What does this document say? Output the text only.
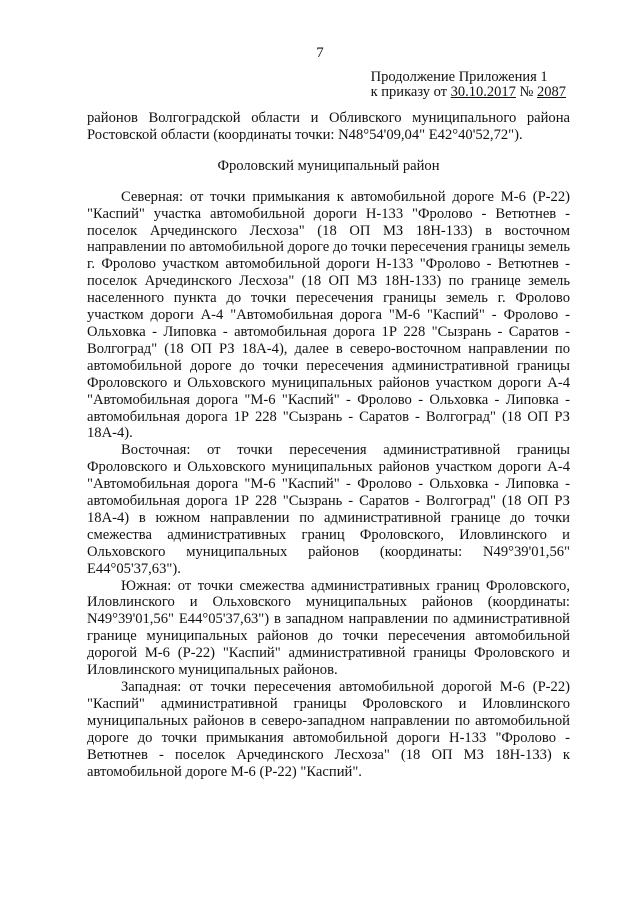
7
Продолжение Приложения 1
к приказу от 30.10.2017 № 2087

районов Волгоградской области и Обливского муниципального района Ростовской области (координаты точки: N48°54'09,04" E42°40'52,72").

Фроловский муниципальный район

Северная: от точки примыкания к автомобильной дороге М-6 (Р-22) "Каспий" участка автомобильной дороги Н-133 "Фролово - Ветютнев - поселок Арчединского Лесхоза" (18 ОП МЗ 18Н-133) в восточном направлении по автомобильной дороге до точки пересечения границы земель г. Фролово участком автомобильной дороги Н-133 "Фролово - Ветютнев - поселок Арчединского Лесхоза" (18 ОП МЗ 18Н-133) по границе земель населенного пункта до точки пересечения границы земель г. Фролово участком дороги А-4 "Автомобильная дорога "М-6 "Каспий" - Фролово - Ольховка - Липовка - автомобильная дорога 1Р 228 "Сызрань - Саратов - Волгоград" (18 ОП РЗ 18А-4), далее в северо-восточном направлении по автомобильной дороге до точки пересечения административной границы Фроловского и Ольховского муниципальных районов участком дороги А-4 "Автомобильная дорога "М-6 "Каспий" - Фролово - Ольховка - Липовка - автомобильная дорога 1Р 228 "Сызрань - Саратов - Волгоград" (18 ОП РЗ 18А-4).

Восточная: от точки пересечения административной границы Фроловского и Ольховского муниципальных районов участком дороги А-4 "Автомобильная дорога "М-6 "Каспий" - Фролово - Ольховка - Липовка - автомобильная дорога 1Р 228 "Сызрань - Саратов - Волгоград" (18 ОП РЗ 18А-4) в южном направлении по административной границе до точки смежества административных границ Фроловского, Иловлинского и Ольховского муниципальных районов (координаты: N49°39'01,56" E44°05'37,63").

Южная: от точки смежества административных границ Фроловского, Иловлинского и Ольховского муниципальных районов (координаты: N49°39'01,56" E44°05'37,63") в западном направлении по административной границе муниципальных районов до точки пересечения автомобильной дорогой М-6 (Р-22) "Каспий" административной границы Фроловского и Иловлинского муниципальных районов.

Западная: от точки пересечения автомобильной дорогой М-6 (Р-22) "Каспий" административной границы Фроловского и Иловлинского муниципальных районов в северо-западном направлении по автомобильной дороге до точки примыкания автомобильной дороги Н-133 "Фролово - Ветютнев - поселок Арчединского Лесхоза" (18 ОП МЗ 18Н-133) к автомобильной дороге М-6 (Р-22) "Каспий".
